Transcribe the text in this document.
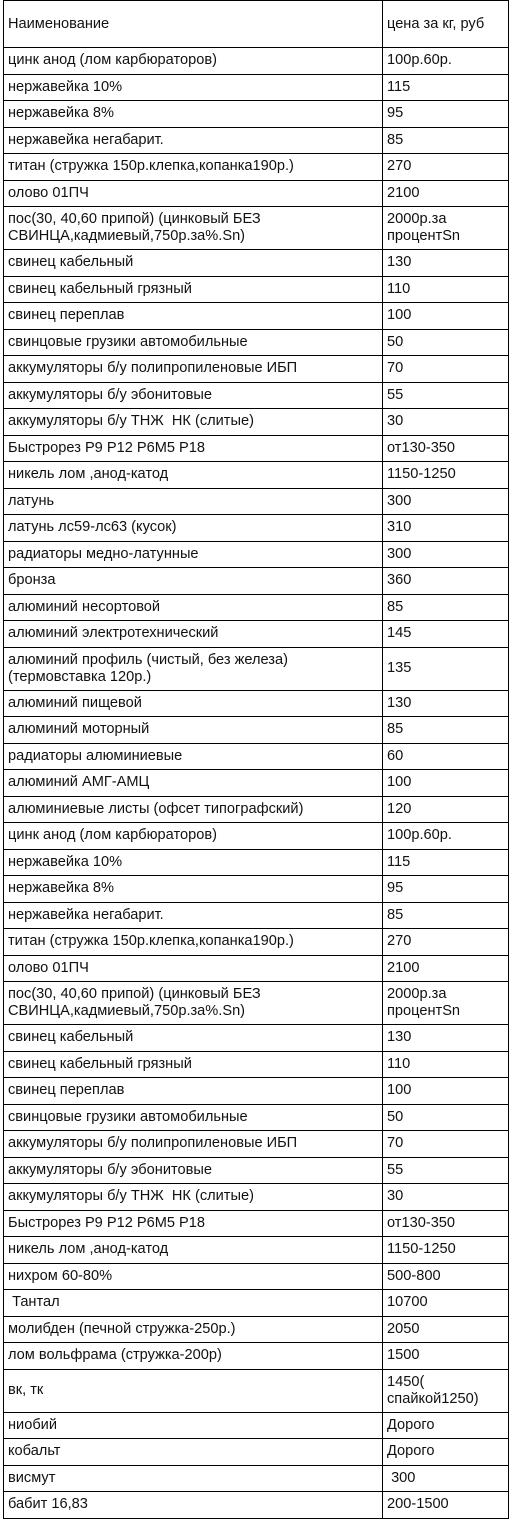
Наименование	цена за кг, руб
цинк анод (лом карбюраторов)	100р.60р.
нержавейка 10%	115
нержавейка 8%	95
нержавейка негабарит.	85
титан (стружка 150р.клепка,копанка190р.)	270
олово 01ПЧ	2100
пос(30, 40,60 припой) (цинковый БЕЗ СВИНЦА,кадмиевый,750р.за%.Sn)	2000р.за процентSn
свинец кабельный	130
свинец кабельный грязный	110
свинец переплав	100
свинцовые грузики автомобильные	50
аккумуляторы б/у полипропиленовые ИБП	70
аккумуляторы б/у эбонитовые	55
аккумуляторы б/у ТНЖ  НК (слитые)	30
Быстрорез Р9 Р12 Р6М5 Р18	от130-350
никель лом ,анод-катод	1150-1250
латунь	300
латунь лс59-лс63 (кусок)	310
радиаторы медно-латунные	300
бронза	360
алюминий несортовой	85
алюминий электротехнический	145
алюминий профиль (чистый, без железа) (термовставка 120р.)	135
алюминий пищевой	130
алюминий моторный	85
радиаторы алюминиевые	60
алюминий АМГ-АМЦ	100
алюминиевые листы (офсет типографский)	120
цинк анод (лом карбюраторов)	100р.60р.
нержавейка 10%	115
нержавейка 8%	95
нержавейка негабарит.	85
титан (стружка 150р.клепка,копанка190р.)	270
олово 01ПЧ	2100
пос(30, 40,60 припой) (цинковый БЕЗ СВИНЦА,кадмиевый,750р.за%.Sn)	2000р.за процентSn
свинец кабельный	130
свинец кабельный грязный	110
свинец переплав	100
свинцовые грузики автомобильные	50
аккумуляторы б/у полипропиленовые ИБП	70
аккумуляторы б/у эбонитовые	55
аккумуляторы б/у ТНЖ  НК (слитые)	30
Быстрорез Р9 Р12 Р6М5 Р18	от130-350
никель лом ,анод-катод	1150-1250
нихром 60-80%	500-800
Тантал	10700
молибден (печной стружка-250р.)	2050
лом вольфрама (стружка-200р)	1500
вк, тк	1450( спайкой1250)
ниобий	Дорого
кобальт	Дорого
висмут	300
бабит 16,83	200-1500
